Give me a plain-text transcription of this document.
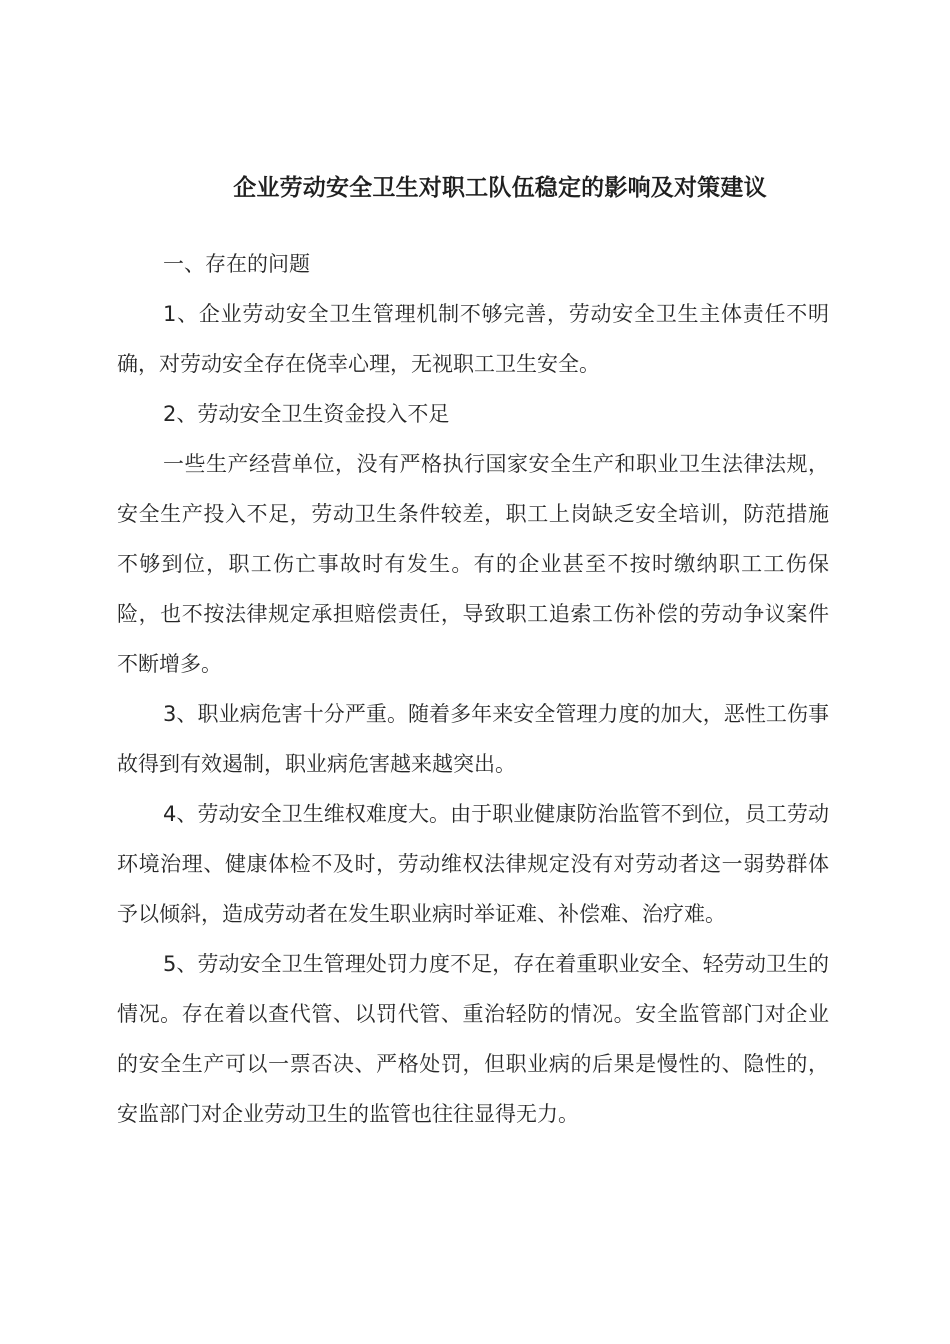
企业劳动安全卫生对职工队伍稳定的影响及对策建议

一、存在的问题

1、企业劳动安全卫生管理机制不够完善，劳动安全卫生主体责任不明确，对劳动安全存在侥幸心理，无视职工卫生安全。

2、劳动安全卫生资金投入不足

一些生产经营单位，没有严格执行国家安全生产和职业卫生法律法规，安全生产投入不足，劳动卫生条件较差，职工上岗缺乏安全培训，防范措施不够到位，职工伤亡事故时有发生。有的企业甚至不按时缴纳职工工伤保险，也不按法律规定承担赔偿责任，导致职工追索工伤补偿的劳动争议案件不断增多。

3、职业病危害十分严重。随着多年来安全管理力度的加大，恶性工伤事故得到有效遏制，职业病危害越来越突出。

4、劳动安全卫生维权难度大。由于职业健康防治监管不到位，员工劳动环境治理、健康体检不及时，劳动维权法律规定没有对劳动者这一弱势群体予以倾斜，造成劳动者在发生职业病时举证难、补偿难、治疗难。

5、劳动安全卫生管理处罚力度不足，存在着重职业安全、轻劳动卫生的情况。存在着以查代管、以罚代管、重治轻防的情况。安全监管部门对企业的安全生产可以一票否决、严格处罚，但职业病的后果是慢性的、隐性的，安监部门对企业劳动卫生的监管也往往显得无力。
